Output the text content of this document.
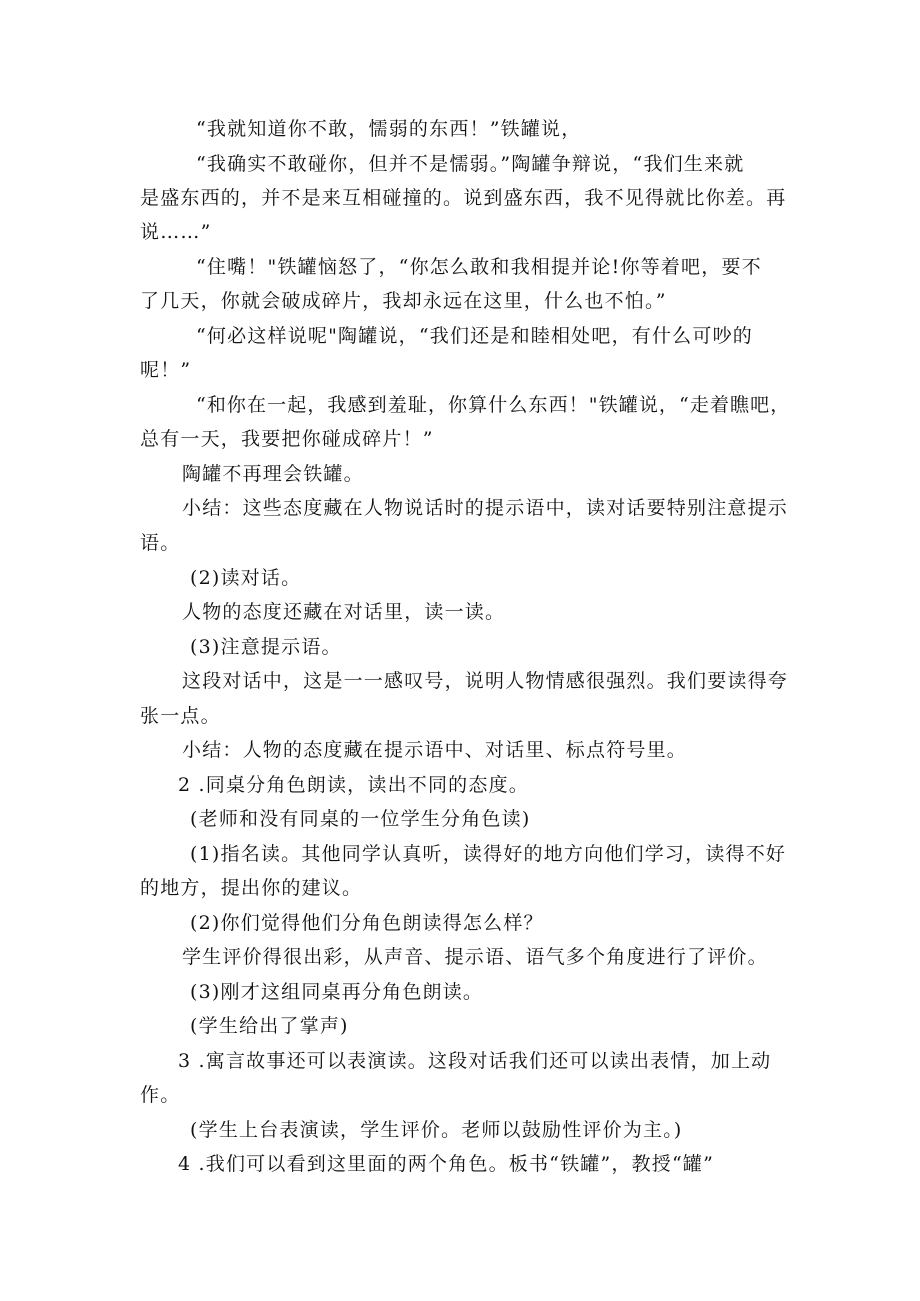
“我就知道你不敢，懦弱的东西！”铁罐说，
“我确实不敢碰你，但并不是懦弱。”陶罐争辩说，“我们生来就
是盛东西的，并不是来互相碰撞的。说到盛东西，我不见得就比你差。再
说……”
“住嘴！"铁罐恼怒了，“你怎么敢和我相提并论!你等着吧，要不
了几天，你就会破成碎片，我却永远在这里，什么也不怕。”
“何必这样说呢"陶罐说，“我们还是和睦相处吧，有什么可吵的
呢！”
“和你在一起，我感到羞耻，你算什么东西！"铁罐说，“走着瞧吧，
总有一天，我要把你碰成碎片！”
陶罐不再理会铁罐。
小结：这些态度藏在人物说话时的提示语中，读对话要特别注意提示
语。
(2)读对话。
人物的态度还藏在对话里，读一读。
(3)注意提示语。
这段对话中，这是一一感叹号，说明人物情感很强烈。我们要读得夸
张一点。
小结：人物的态度藏在提示语中、对话里、标点符号里。
2 .同桌分角色朗读，读出不同的态度。
(老师和没有同桌的一位学生分角色读)
(1)指名读。其他同学认真听，读得好的地方向他们学习，读得不好
的地方，提出你的建议。
(2)你们觉得他们分角色朗读得怎么样？
学生评价得很出彩，从声音、提示语、语气多个角度进行了评价。
(3)刚才这组同桌再分角色朗读。
(学生给出了掌声)
3 .寓言故事还可以表演读。这段对话我们还可以读出表情，加上动
作。
(学生上台表演读，学生评价。老师以鼓励性评价为主。)
4 .我们可以看到这里面的两个角色。板书“铁罐”，教授“罐”
